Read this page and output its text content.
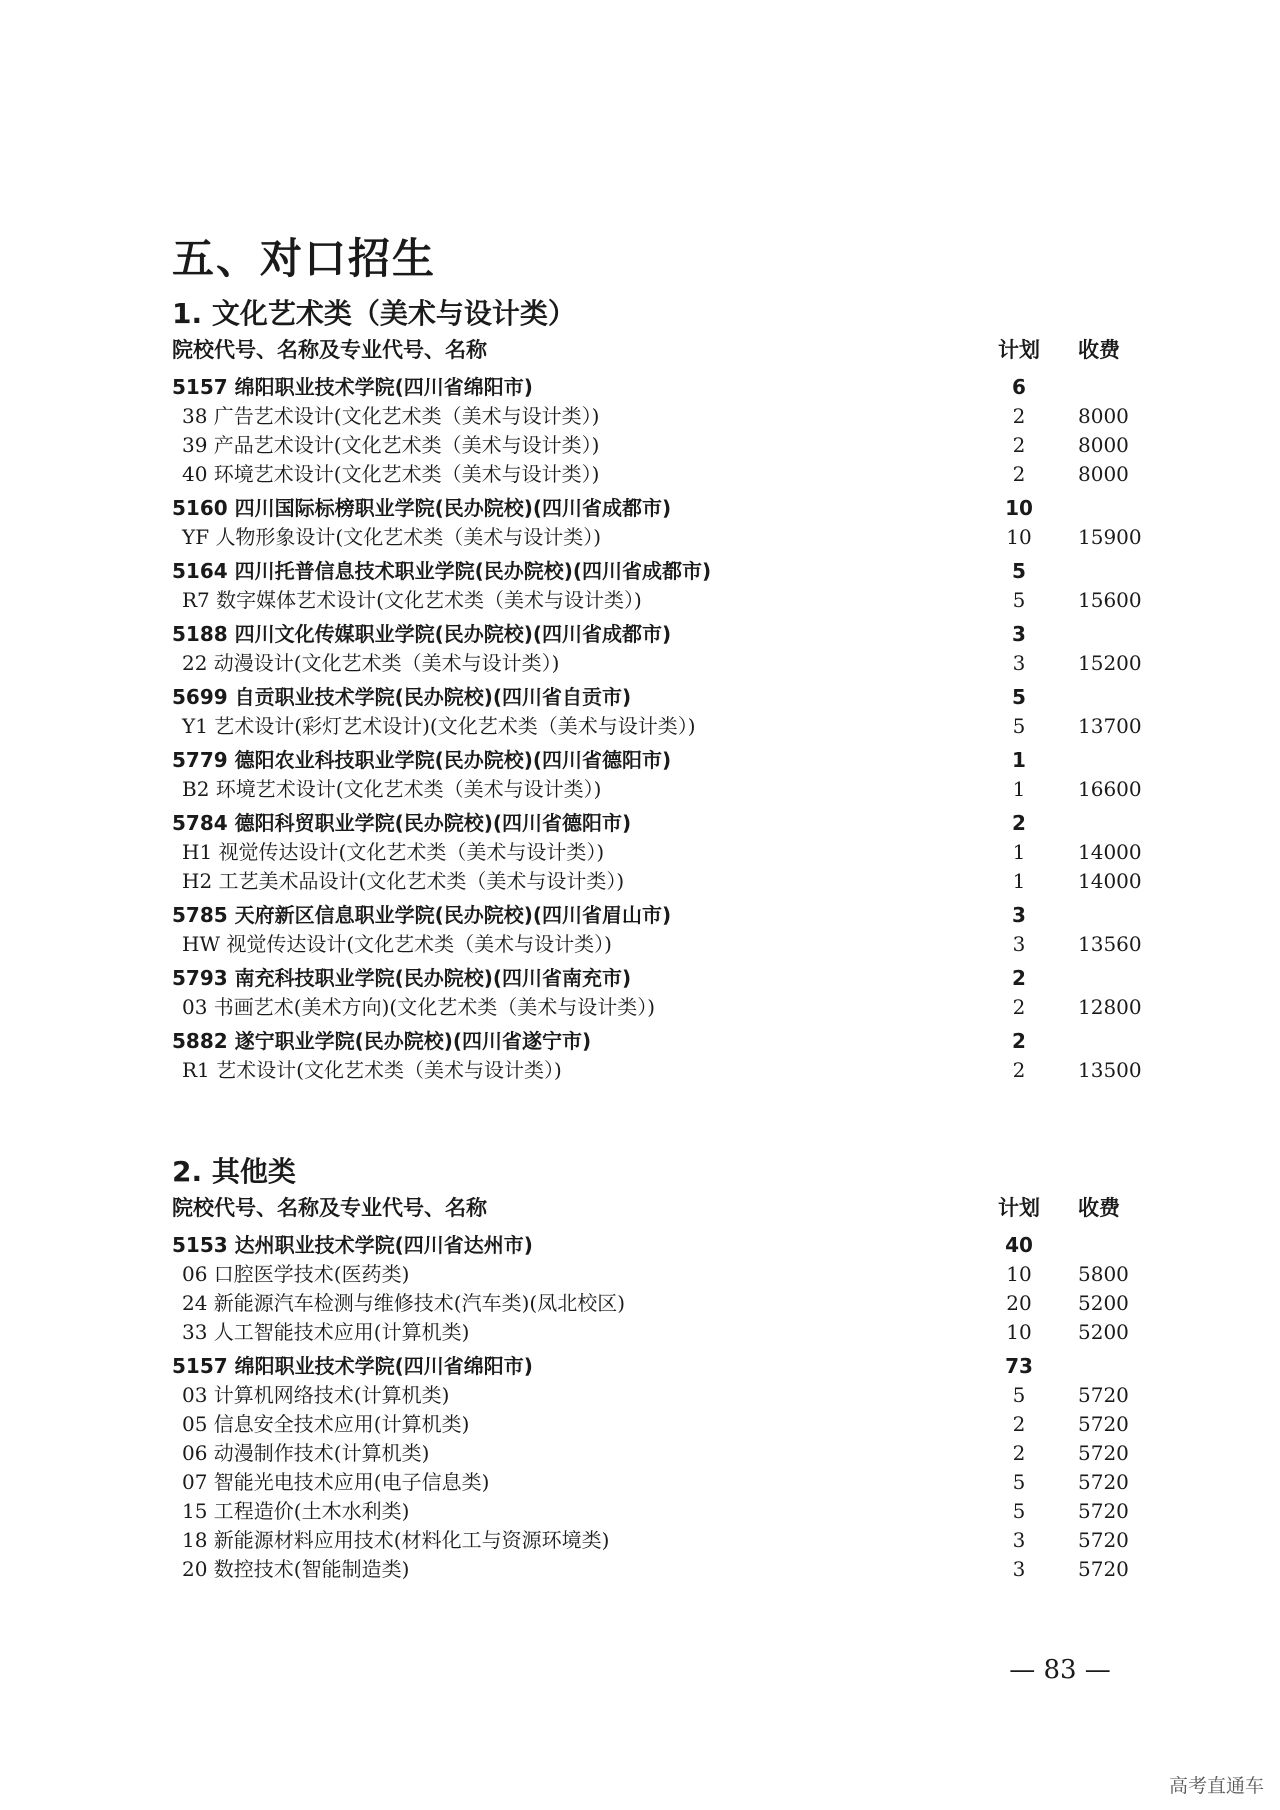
五、对口招生
1. 文化艺术类（美术与设计类）
院校代号、名称及专业代号、名称	计划 收费
5157 绵阳职业技术学院(四川省绵阳市)	6
38 广告艺术设计(文化艺术类（美术与设计类）)	2	8000
39 产品艺术设计(文化艺术类（美术与设计类）)	2	8000
40 环境艺术设计(文化艺术类（美术与设计类）)	2	8000
5160 四川国际标榜职业学院(民办院校)(四川省成都市)	10
YF 人物形象设计(文化艺术类（美术与设计类）)	10	15900
5164 四川托普信息技术职业学院(民办院校)(四川省成都市)	5
R7 数字媒体艺术设计(文化艺术类（美术与设计类）)	5	15600
5188 四川文化传媒职业学院(民办院校)(四川省成都市)	3
22 动漫设计(文化艺术类（美术与设计类）)	3	15200
5699 自贡职业技术学院(民办院校)(四川省自贡市)	5
Y1 艺术设计(彩灯艺术设计)(文化艺术类（美术与设计类）)	5	13700
5779 德阳农业科技职业学院(民办院校)(四川省德阳市)	1
B2 环境艺术设计(文化艺术类（美术与设计类）)	1	16600
5784 德阳科贸职业学院(民办院校)(四川省德阳市)	2
H1 视觉传达设计(文化艺术类（美术与设计类）)	1	14000
H2 工艺美术品设计(文化艺术类（美术与设计类）)	1	14000
5785 天府新区信息职业学院(民办院校)(四川省眉山市)	3
HW 视觉传达设计(文化艺术类（美术与设计类）)	3	13560
5793 南充科技职业学院(民办院校)(四川省南充市)	2
03 书画艺术(美术方向)(文化艺术类（美术与设计类）)	2	12800
5882 遂宁职业学院(民办院校)(四川省遂宁市)	2
R1 艺术设计(文化艺术类（美术与设计类）)	2	13500
2. 其他类
院校代号、名称及专业代号、名称	计划 收费
5153 达州职业技术学院(四川省达州市)	40
06 口腔医学技术(医药类)	10	5800
24 新能源汽车检测与维修技术(汽车类)(凤北校区)	20	5200
33 人工智能技术应用(计算机类)	10	5200
5157 绵阳职业技术学院(四川省绵阳市)	73
03 计算机网络技术(计算机类)	5	5720
05 信息安全技术应用(计算机类)	2	5720
06 动漫制作技术(计算机类)	2	5720
07 智能光电技术应用(电子信息类)	5	5720
15 工程造价(土木水利类)	5	5720
18 新能源材料应用技术(材料化工与资源环境类)	3	5720
20 数控技术(智能制造类)	3	5720
— 83 —
高考直通车
